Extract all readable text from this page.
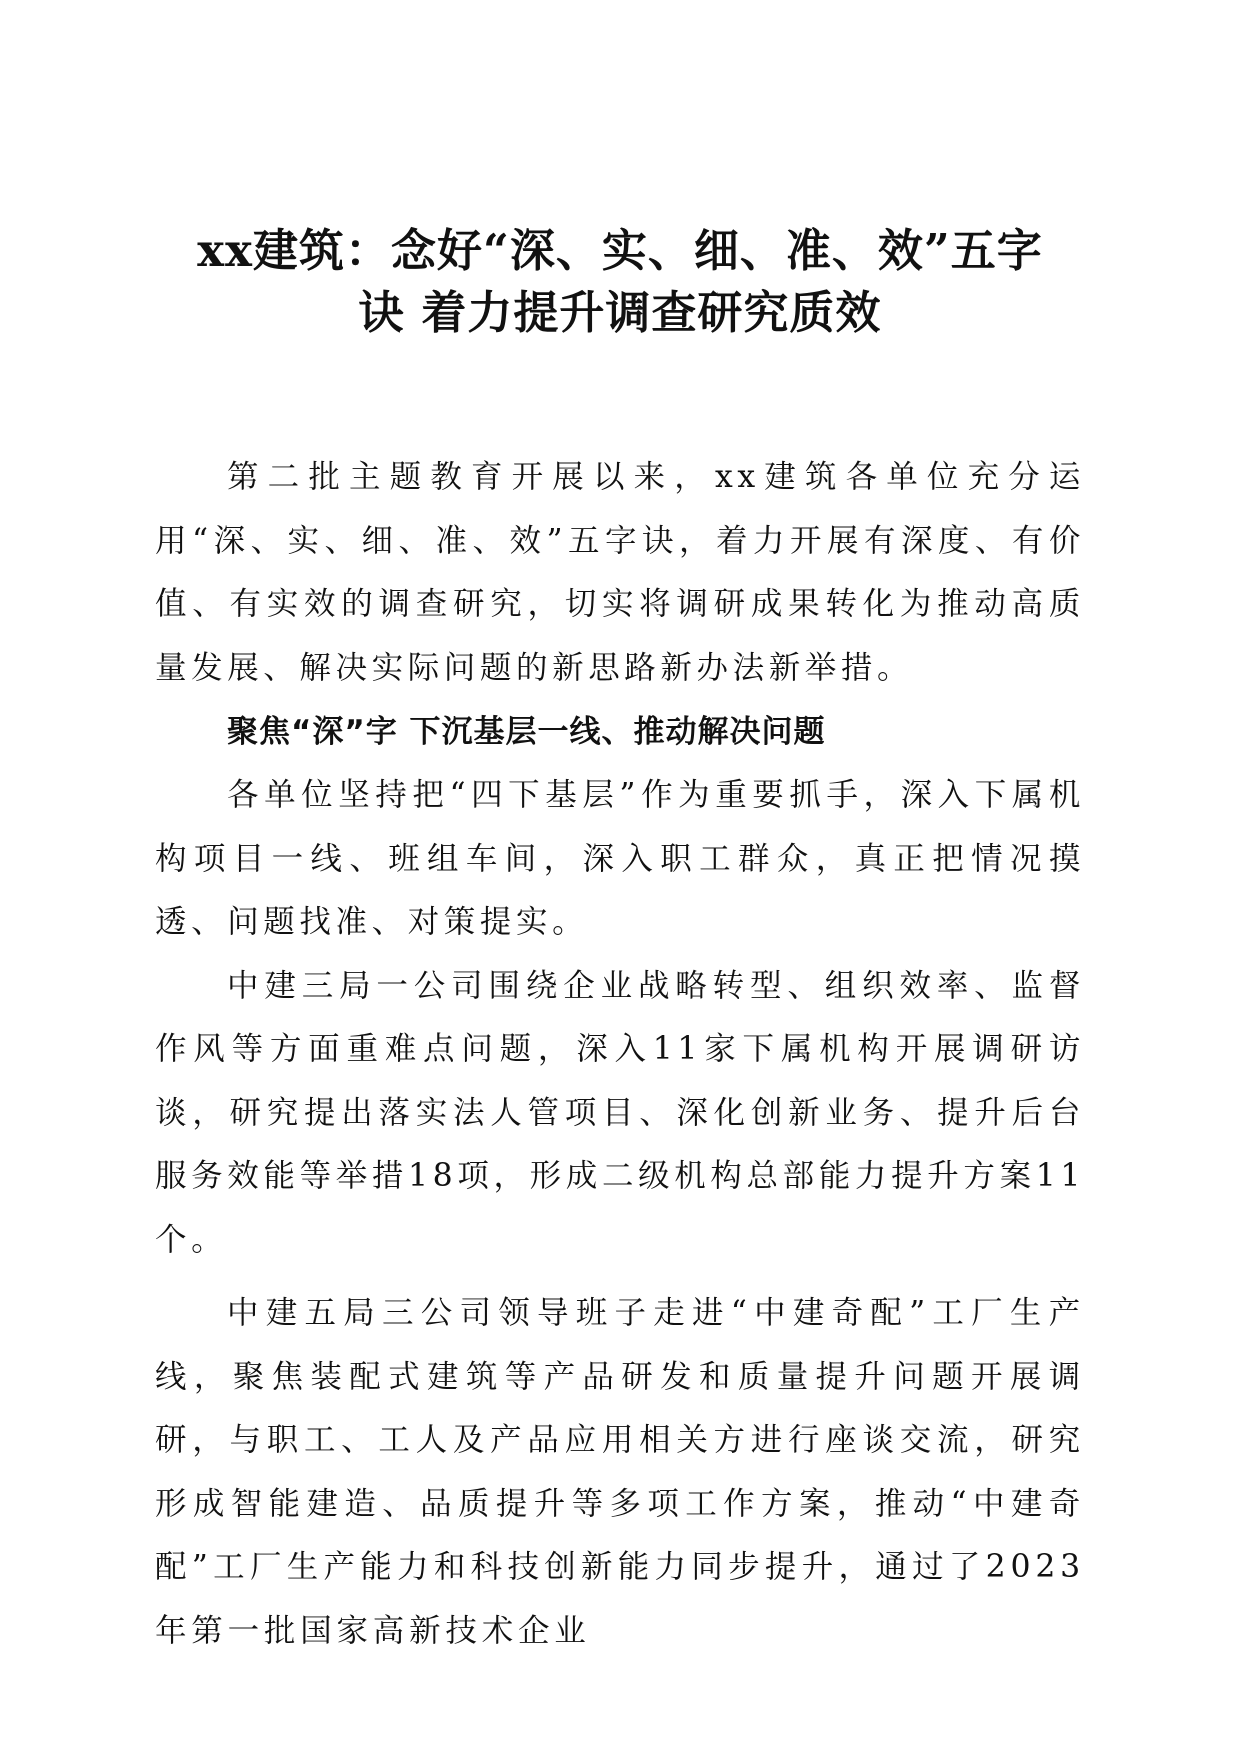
xx建筑：念好“深、实、细、准、效”五字
诀 着力提升调查研究质效

第二批主题教育开展以来，xx建筑各单位充分运用“深、实、细、准、效”五字诀，着力开展有深度、有价值、有实效的调查研究，切实将调研成果转化为推动高质量发展、解决实际问题的新思路新办法新举措。

聚焦“深”字 下沉基层一线、推动解决问题

各单位坚持把“四下基层”作为重要抓手，深入下属机构项目一线、班组车间，深入职工群众，真正把情况摸透、问题找准、对策提实。

中建三局一公司围绕企业战略转型、组织效率、监督作风等方面重难点问题，深入11家下属机构开展调研访谈，研究提出落实法人管项目、深化创新业务、提升后台服务效能等举措18项，形成二级机构总部能力提升方案11个。

中建五局三公司领导班子走进“中建奇配”工厂生产线，聚焦装配式建筑等产品研发和质量提升问题开展调研，与职工、工人及产品应用相关方进行座谈交流，研究形成智能建造、品质提升等多项工作方案，推动“中建奇配”工厂生产能力和科技创新能力同步提升，通过了2023年第一批国家高新技术企业
